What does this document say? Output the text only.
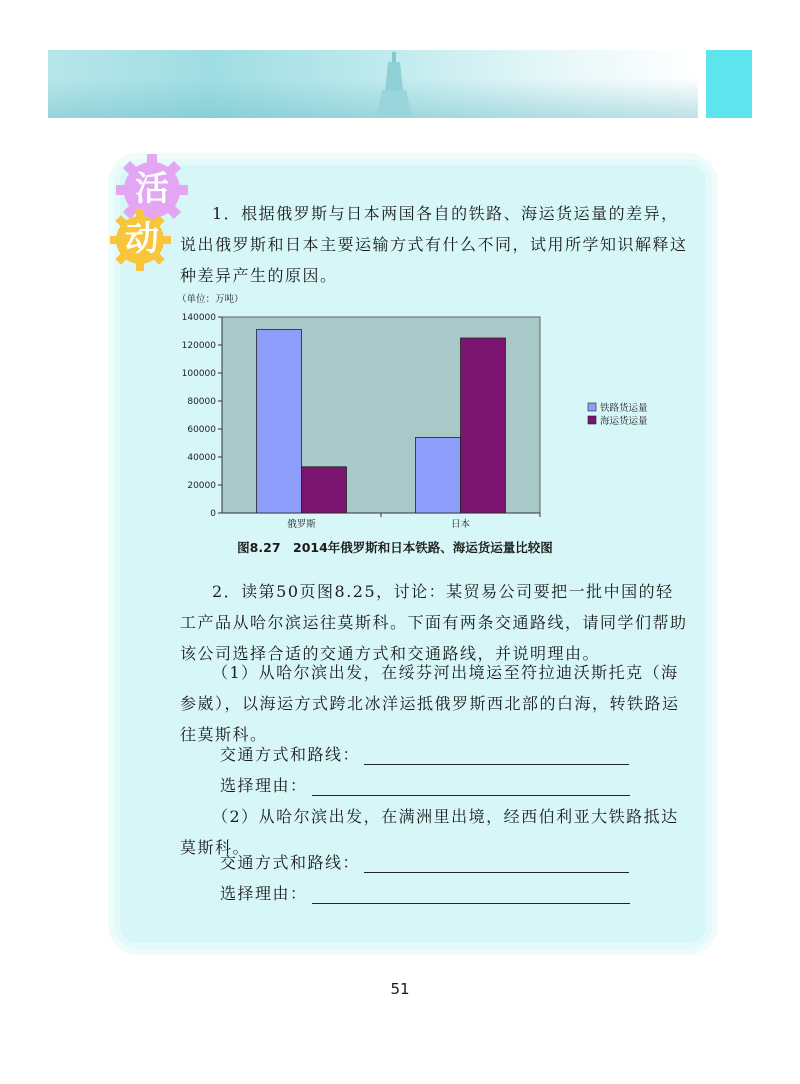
活
动
1．根据俄罗斯与日本两国各自的铁路、海运货运量的差异，说出俄罗斯和日本主要运输方式有什么不同，试用所学知识解释这种差异产生的原因。
（单位：万吨）
0
20000
40000
60000
80000
100000
120000
140000
俄罗斯	日本
铁路货运量
海运货运量
图8.27　2014年俄罗斯和日本铁路、海运货运量比较图
2．读第50页图8.25，讨论：某贸易公司要把一批中国的轻工产品从哈尔滨运往莫斯科。下面有两条交通路线，请同学们帮助该公司选择合适的交通方式和交通路线，并说明理由。
（1）从哈尔滨出发，在绥芬河出境运至符拉迪沃斯托克（海参崴），以海运方式跨北冰洋运抵俄罗斯西北部的白海，转铁路运往莫斯科。
交通方式和路线：
选择理由：
（2）从哈尔滨出发，在满洲里出境，经西伯利亚大铁路抵达莫斯科。
交通方式和路线：
选择理由：
51
